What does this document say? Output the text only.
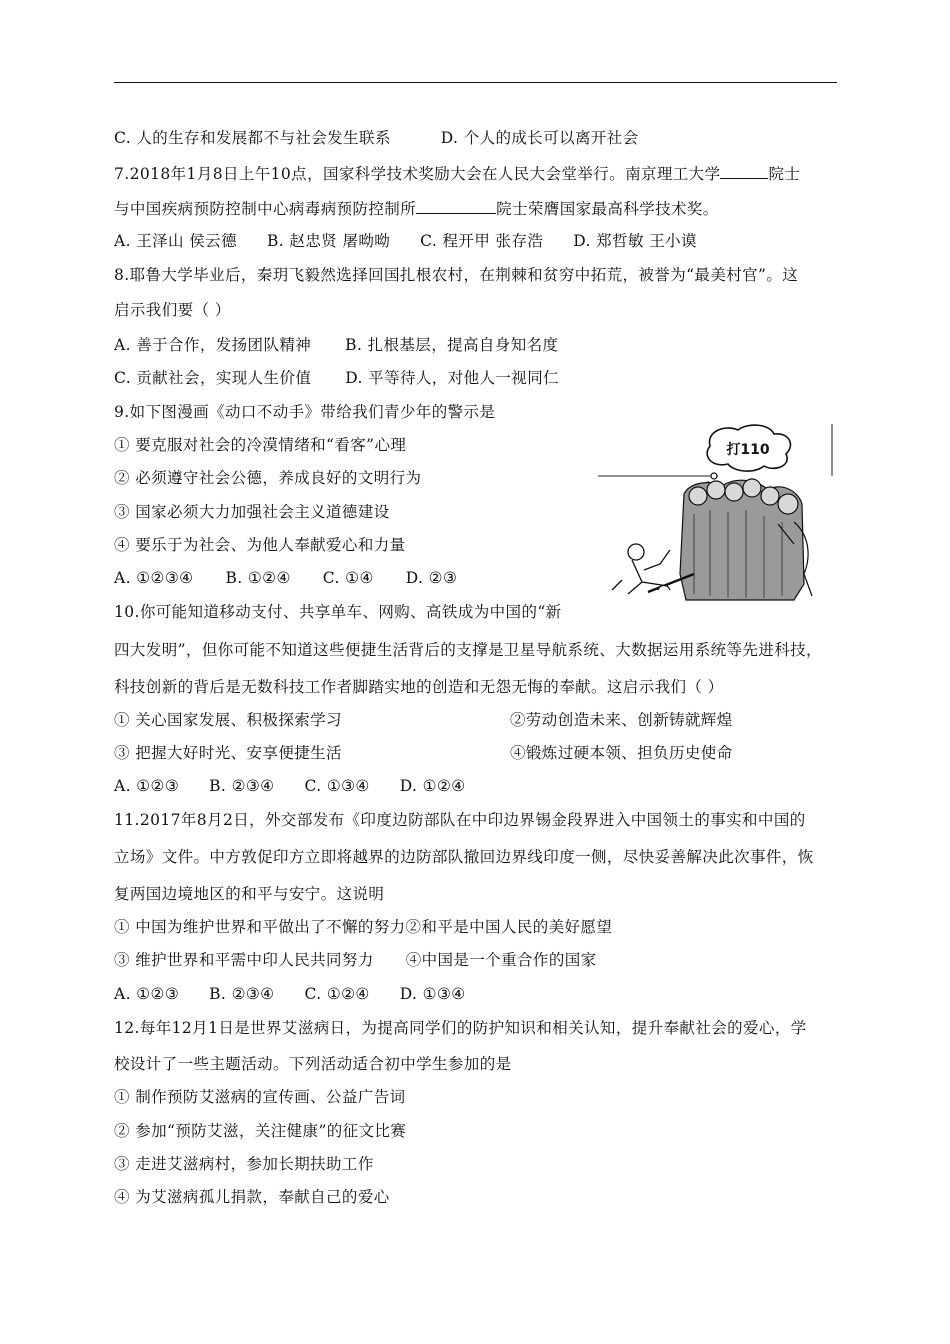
C. 人的生存和发展都不与社会发生联系	D. 个人的成长可以离开社会
7.2018年1月8日上午10点，国家科学技术奖励大会在人民大会堂举行。南京理工大学	院士
与中国疾病预防控制中心病毒病预防控制所	院士荣膺国家最高科学技术奖。
A. 王泽山 侯云德 B. 赵忠贤 屠呦呦 C. 程开甲 张存浩 D. 郑哲敏 王小谟
8.耶鲁大学毕业后，秦玥飞毅然选择回国扎根农村，在荆棘和贫穷中拓荒，被誉为“最美村官”。这
启示我们要（ ）
A. 善于合作，发扬团队精神 B. 扎根基层，提高自身知名度
C. 贡献社会，实现人生价值 D. 平等待人，对他人一视同仁
9.如下图漫画《动口不动手》带给我们青少年的警示是
① 要克服对社会的冷漠情绪和“看客”心理
② 必须遵守社会公德，养成良好的文明行为
③ 国家必须大力加强社会主义道德建设
④ 要乐于为社会、为他人奉献爱心和力量
A. ①②③④ B. ①②④ C. ①④ D. ②③
打110
10.你可能知道移动支付、共享单车、网购、高铁成为中国的“新
四大发明”，但你可能不知道这些便捷生活背后的支撑是卫星导航系统、大数据运用系统等先进科技，
科技创新的背后是无数科技工作者脚踏实地的创造和无怨无悔的奉献。这启示我们（ ）
① 关心国家发展、积极探索学习	②劳动创造未来、创新铸就辉煌
③ 把握大好时光、安享便捷生活	④锻炼过硬本领、担负历史使命
A. ①②③ B. ②③④ C. ①③④ D. ①②④
11.2017年8月2日，外交部发布《印度边防部队在中印边界锡金段界进入中国领土的事实和中国的
立场》文件。中方敦促印方立即将越界的边防部队撤回边界线印度一侧，尽快妥善解决此次事件，恢
复两国边境地区的和平与安宁。这说明
① 中国为维护世界和平做出了不懈的努力②和平是中国人民的美好愿望
③ 维护世界和平需中印人民共同努力 ④中国是一个重合作的国家
A. ①②③ B. ②③④ C. ①②④ D. ①③④
12.每年12月1日是世界艾滋病日，为提高同学们的防护知识和相关认知，提升奉献社会的爱心，学
校设计了一些主题活动。下列活动适合初中学生参加的是
① 制作预防艾滋病的宣传画、公益广告词
② 参加“预防艾滋，关注健康”的征文比赛
③ 走进艾滋病村，参加长期扶助工作
④ 为艾滋病孤儿捐款，奉献自己的爱心
